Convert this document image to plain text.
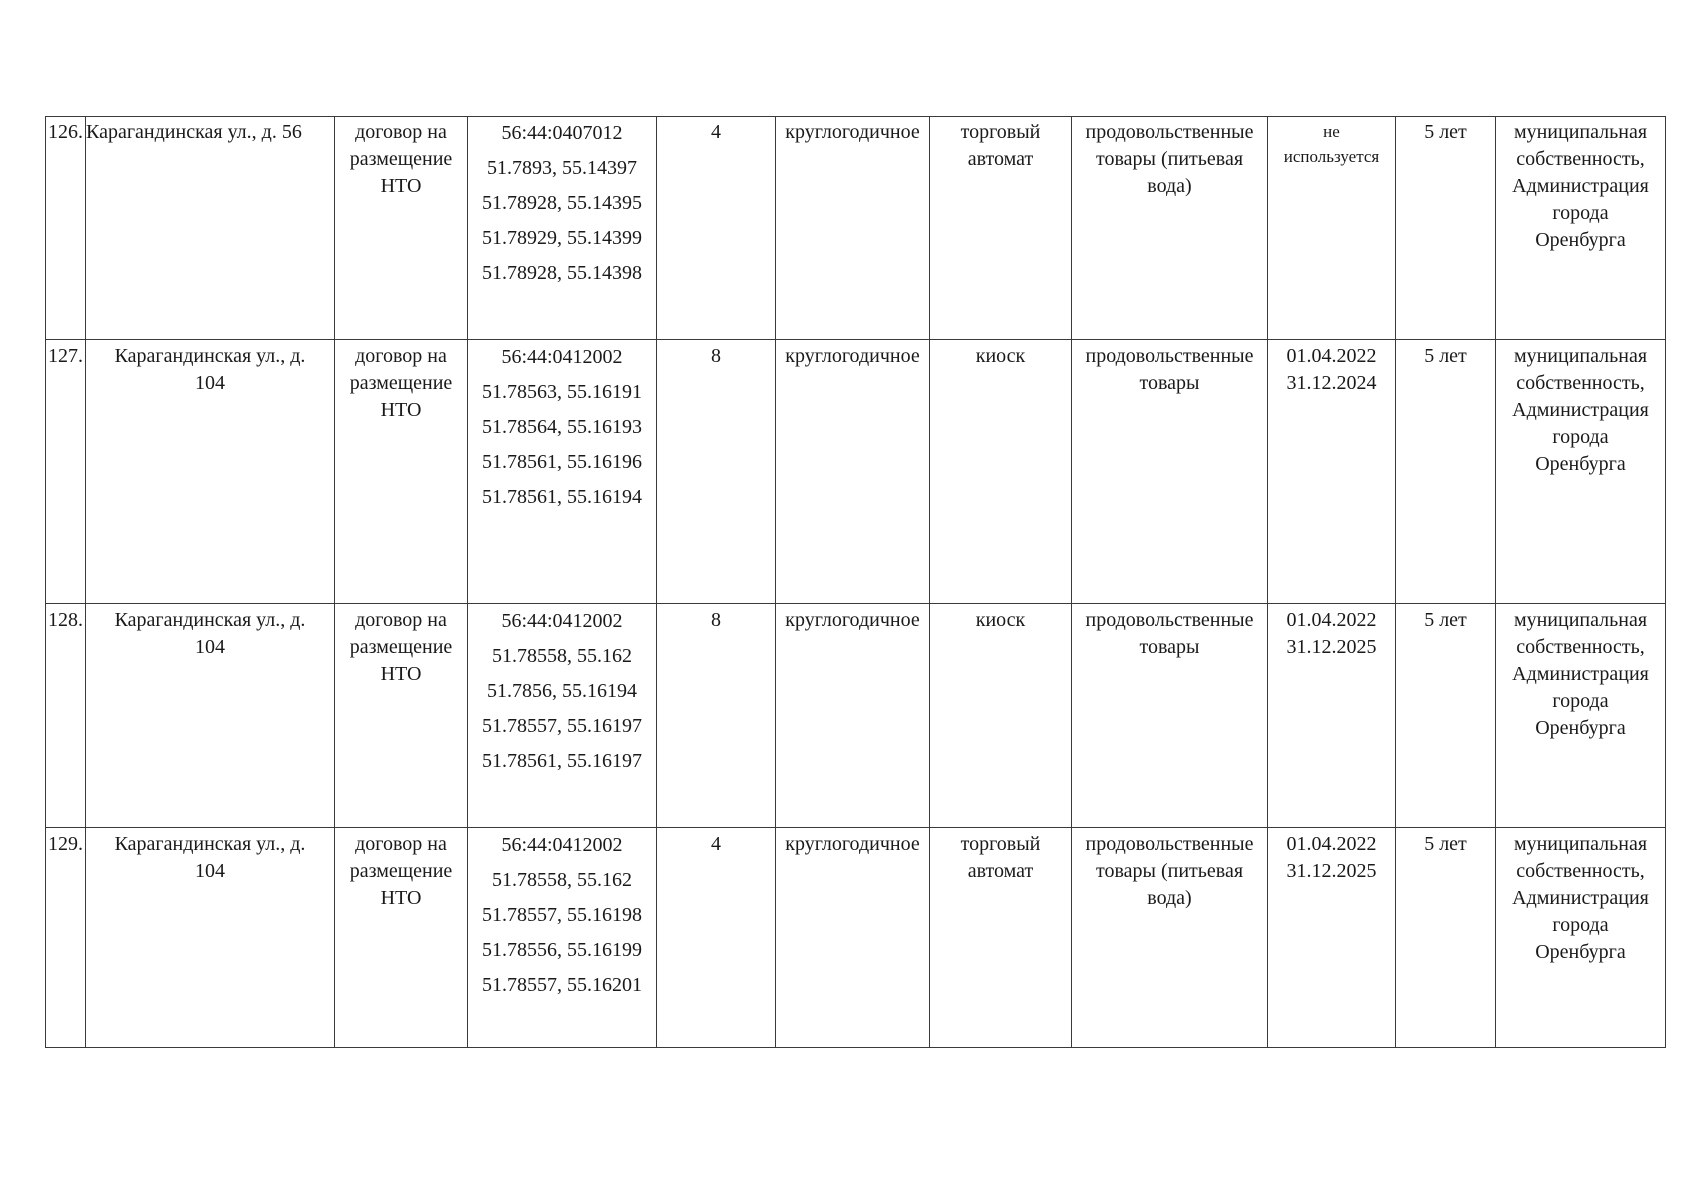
126.	Карагандинская ул., д. 56	договор на
размещение
НТО	56:44:0407012
51.7893, 55.14397
51.78928, 55.14395
51.78929, 55.14399
51.78928, 55.14398	4	круглогодичное	торговый
автомат	продовольственные
товары (питьевая
вода)	не
используется	5 лет	муниципальная
собственность,
Администрация
города
Оренбурга

127.	Карагандинская ул., д.
104	договор на
размещение
НТО	56:44:0412002
51.78563, 55.16191
51.78564, 55.16193
51.78561, 55.16196
51.78561, 55.16194	8	круглогодичное	киоск	продовольственные
товары	01.04.2022
31.12.2024	5 лет	муниципальная
собственность,
Администрация
города
Оренбурга

128.	Карагандинская ул., д.
104	договор на
размещение
НТО	56:44:0412002
51.78558, 55.162
51.7856, 55.16194
51.78557, 55.16197
51.78561, 55.16197	8	круглогодичное	киоск	продовольственные
товары	01.04.2022
31.12.2025	5 лет	муниципальная
собственность,
Администрация
города
Оренбурга

129.	Карагандинская ул., д.
104	договор на
размещение
НТО	56:44:0412002
51.78558, 55.162
51.78557, 55.16198
51.78556, 55.16199
51.78557, 55.16201	4	круглогодичное	торговый
автомат	продовольственные
товары (питьевая
вода)	01.04.2022
31.12.2025	5 лет	муниципальная
собственность,
Администрация
города
Оренбурга
